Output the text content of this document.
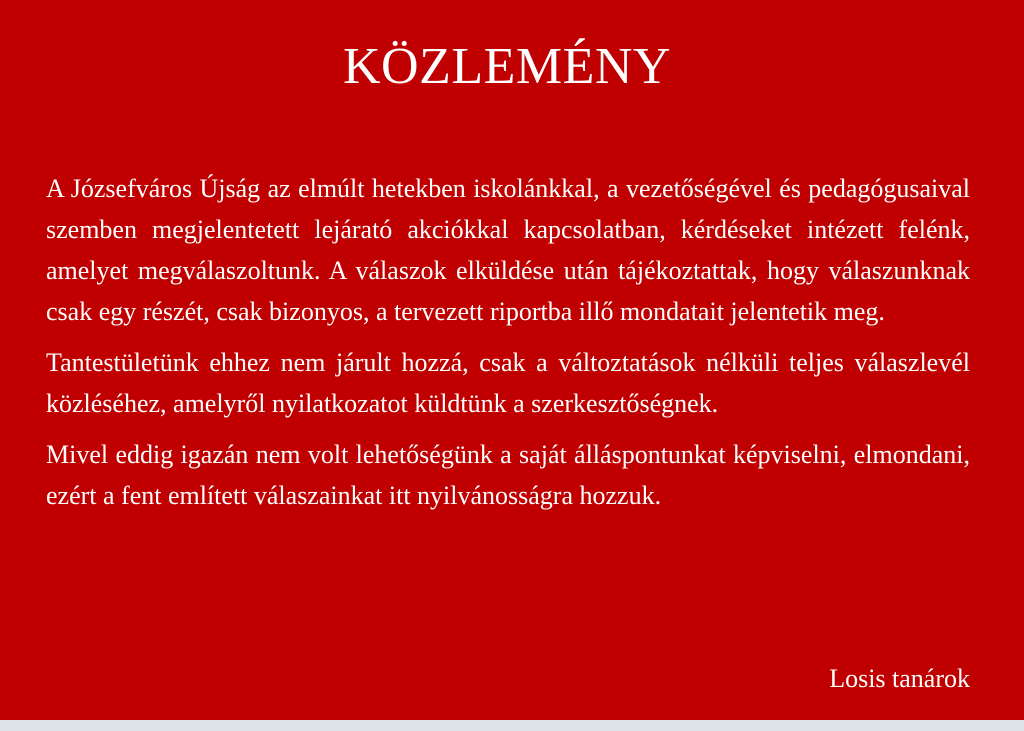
KÖZLEMÉNY

A Józsefváros Újság az elmúlt hetekben iskolánkkal, a vezetőségével és pedagógusaival szemben megjelentetett lejárató akciókkal kapcsolatban, kérdéseket intézett felénk, amelyet megválaszoltunk. A válaszok elküldése után tájékoztattak, hogy válaszunknak csak egy részét, csak bizonyos, a tervezett riportba illő mondatait jelentetik meg.

Tantestületünk ehhez nem járult hozzá, csak a változtatások nélküli teljes válaszlevél közléséhez, amelyről nyilatkozatot küldtünk a szerkesztőségnek.

Mivel eddig igazán nem volt lehetőségünk a saját álláspontunkat képviselni, elmondani, ezért a fent említett válaszainkat itt nyilvánosságra hozzuk.

Losis tanárok
